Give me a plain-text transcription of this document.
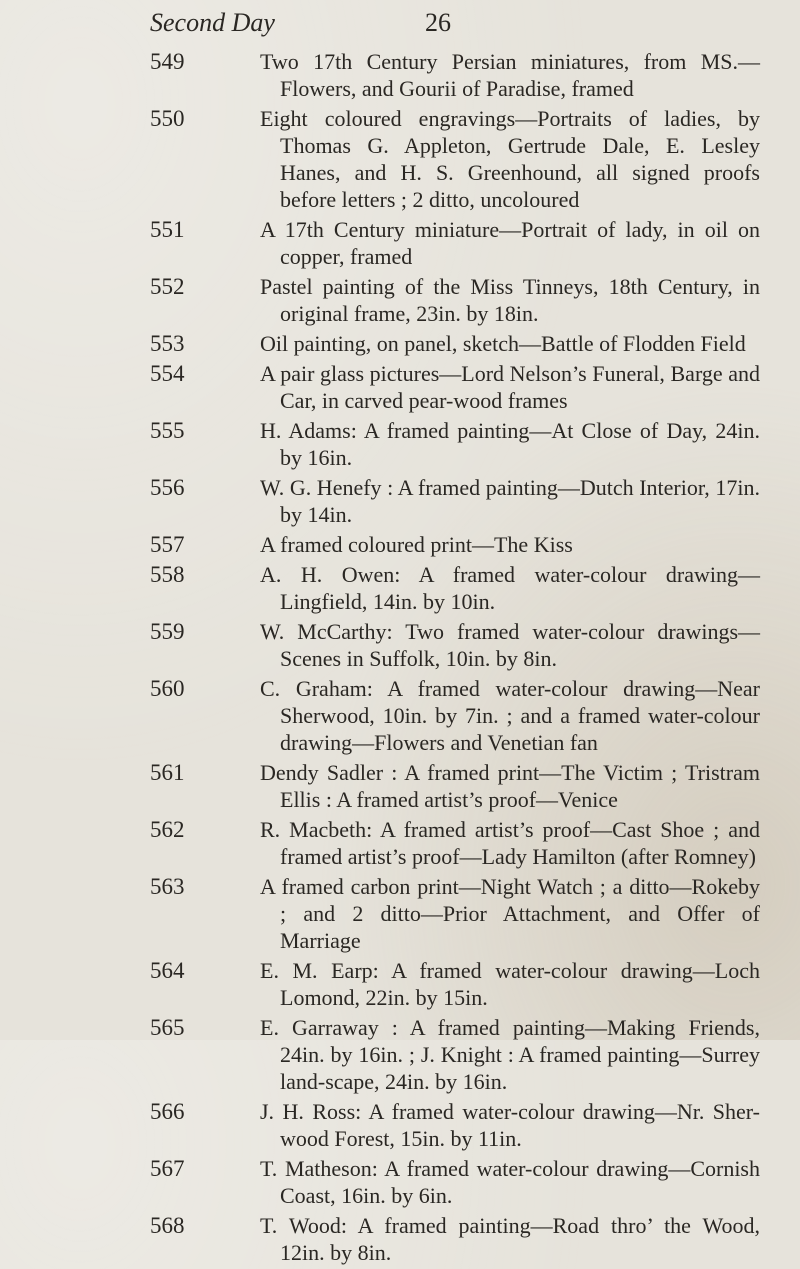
Second Day	26
549	Two 17th Century Persian miniatures, from MS.—Flowers, and Gourii of Paradise, framed
550	Eight coloured engravings—Portraits of ladies, by Thomas G. Appleton, Gertrude Dale, E. Lesley Hanes, and H. S. Greenhound, all signed proofs before letters ; 2 ditto, uncoloured
551	A 17th Century miniature—Portrait of lady, in oil on copper, framed
552	Pastel painting of the Miss Tinneys, 18th Century, in original frame, 23in. by 18in.
553	Oil painting, on panel, sketch—Battle of Flodden Field
554	A pair glass pictures—Lord Nelson’s Funeral, Barge and Car, in carved pear-wood frames
555	H. Adams: A framed painting—At Close of Day, 24in. by 16in.
556	W. G. Henefy : A framed painting—Dutch Interior, 17in. by 14in.
557	A framed coloured print—The Kiss
558	A. H. Owen: A framed water-colour drawing—Lingfield, 14in. by 10in.
559	W. McCarthy: Two framed water-colour drawings—Scenes in Suffolk, 10in. by 8in.
560	C. Graham: A framed water-colour drawing—Near Sherwood, 10in. by 7in. ; and a framed water-colour drawing—Flowers and Venetian fan
561	Dendy Sadler : A framed print—The Victim ; Tristram Ellis : A framed artist’s proof—Venice
562	R. Macbeth: A framed artist’s proof—Cast Shoe ; and framed artist’s proof—Lady Hamilton (after Romney)
563	A framed carbon print—Night Watch ; a ditto—Rokeby ; and 2 ditto—Prior Attachment, and Offer of Marriage
564	E. M. Earp: A framed water-colour drawing—Loch Lomond, 22in. by 15in.
565	E. Garraway : A framed painting—Making Friends, 24in. by 16in. ; J. Knight : A framed painting—Surrey land-scape, 24in. by 16in.
566	J. H. Ross: A framed water-colour drawing—Nr. Sher-wood Forest, 15in. by 11in.
567	T. Matheson: A framed water-colour drawing—Cornish Coast, 16in. by 6in.
568	T. Wood: A framed painting—Road thro’ the Wood, 12in. by 8in.
